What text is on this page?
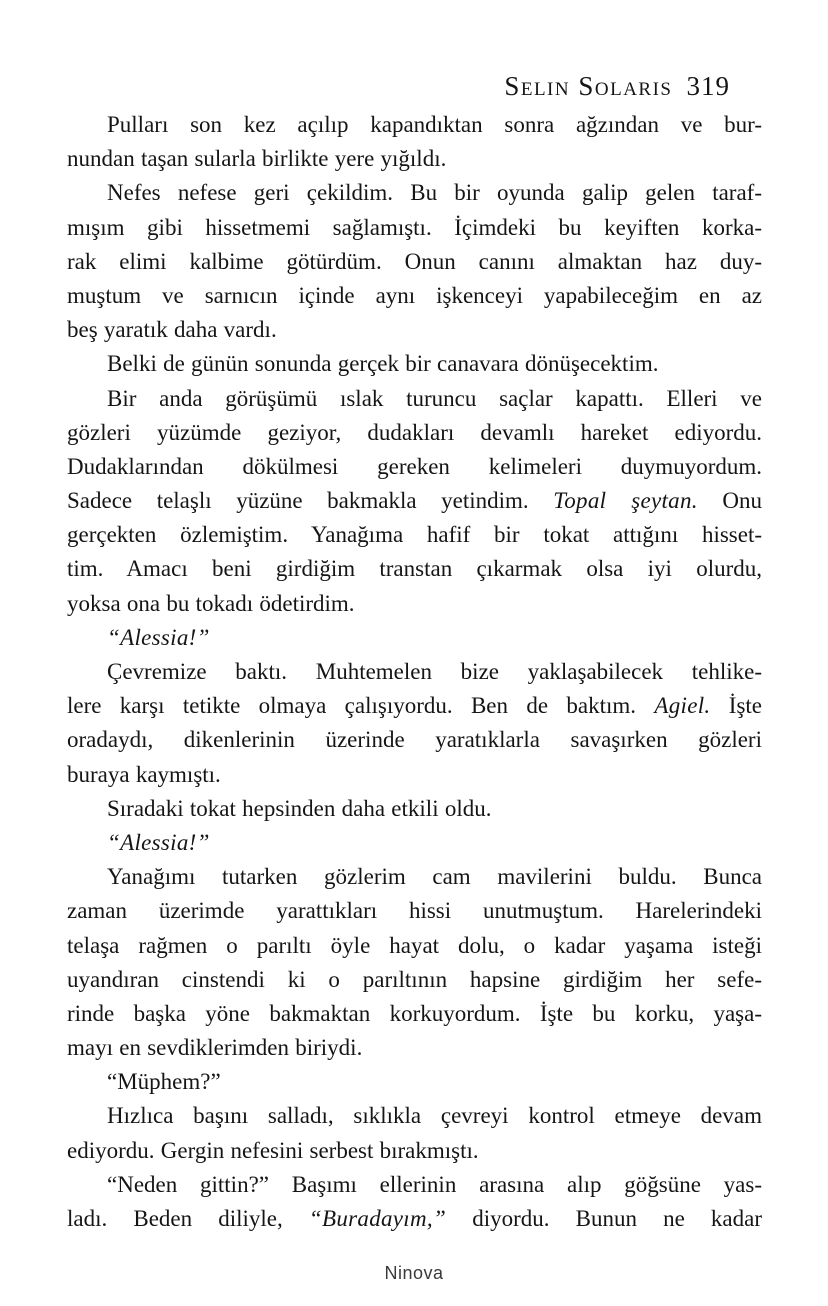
Selin Solaris 319
Pulları son kez açılıp kapandıktan sonra ağzından ve bur-
nundan taşan sularla birlikte yere yığıldı.
Nefes nefese geri çekildim. Bu bir oyunda galip gelen taraf-
mışım gibi hissetmemi sağlamıştı. İçimdeki bu keyiften korka-
rak elimi kalbime götürdüm. Onun canını almaktan haz duy-
muştum ve sarnıcın içinde aynı işkenceyi yapabileceğim en az
beş yaratık daha vardı.
Belki de günün sonunda gerçek bir canavara dönüşecektim.
Bir anda görüşümü ıslak turuncu saçlar kapattı. Elleri ve
gözleri yüzümde geziyor, dudakları devamlı hareket ediyordu.
Dudaklarından dökülmesi gereken kelimeleri duymuyordum.
Sadece telaşlı yüzüne bakmakla yetindim. Topal şeytan. Onu
gerçekten özlemiştim. Yanağıma hafif bir tokat attığını hisset-
tim. Amacı beni girdiğim transtan çıkarmak olsa iyi olurdu,
yoksa ona bu tokadı ödetirdim.
“Alessia!”
Çevremize baktı. Muhtemelen bize yaklaşabilecek tehlike-
lere karşı tetikte olmaya çalışıyordu. Ben de baktım. Agiel. İşte
oradaydı, dikenlerinin üzerinde yaratıklarla savaşırken gözleri
buraya kaymıştı.
Sıradaki tokat hepsinden daha etkili oldu.
“Alessia!”
Yanağımı tutarken gözlerim cam mavilerini buldu. Bunca
zaman üzerimde yarattıkları hissi unutmuştum. Harelerindeki
telaşa rağmen o parıltı öyle hayat dolu, o kadar yaşama isteği
uyandıran cinstendi ki o parıltının hapsine girdiğim her sefe-
rinde başka yöne bakmaktan korkuyordum. İşte bu korku, yaşa-
mayı en sevdiklerimden biriydi.
“Müphem?”
Hızlıca başını salladı, sıklıkla çevreyi kontrol etmeye devam
ediyordu. Gergin nefesini serbest bırakmıştı.
“Neden gittin?” Başımı ellerinin arasına alıp göğsüne yas-
ladı. Beden diliyle, “Buradayım,” diyordu. Bunun ne kadar
Ninova
